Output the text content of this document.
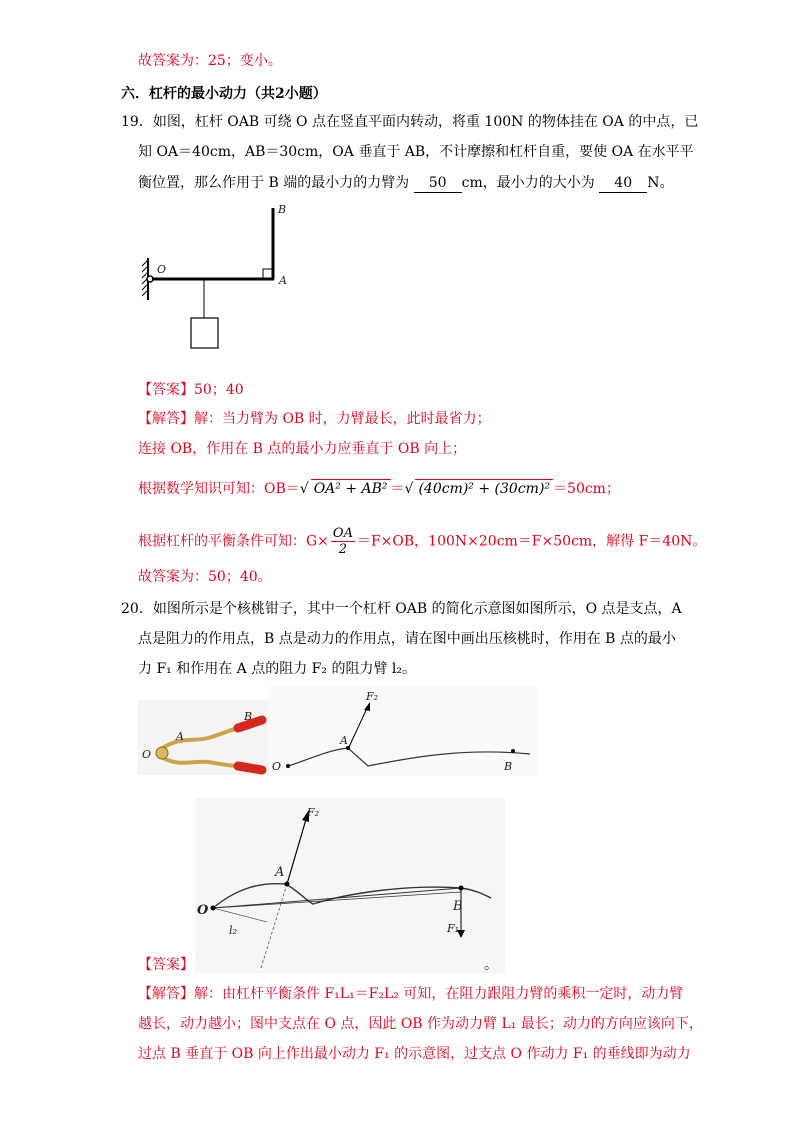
故答案为：25；变小。
六．杠杆的最小动力（共2小题）
19．如图，杠杆 OAB 可绕 O 点在竖直平面内转动，将重 100N 的物体挂在 OA 的中点，已
知 OA＝40cm，AB＝30cm，OA 垂直于 AB，不计摩擦和杠杆自重，要使 OA 在水平平
衡位置，那么作用于 B 端的最小力的力臂为 50 cm，最小力的大小为 40 N。
O
A
B
【答案】50；40
【解答】解：当力臂为 OB 时，力臂最长，此时最省力；
连接 OB，作用在 B 点的最小力应垂直于 OB 向上；
根据数学知识可知：OB＝√ OA² + AB² ＝√ (40cm)² + (30cm)² ＝50cm；
根据杠杆的平衡条件可知：$G\times \frac{OA}{2} =F\times OB$，100N×20cm＝F×50cm，解得 F＝40N。
故答案为：50；40。
20．如图所示是个核桃钳子，其中一个杠杆 OAB 的简化示意图如图所示，O 点是支点，A
点是阻力的作用点，B 点是动力的作用点，请在图中画出压核桃时，作用在 B 点的最小
力 F₁ 和作用在 A 点的阻力 F₂ 的阻力臂 l₂。
O
A
B
F₂
O
A
B
F₂
l₂	F₁
O
A
B
【答案】	。
【解答】解：由杠杆平衡条件 F₁L₁＝F₂L₂ 可知，在阻力跟阻力臂的乘积一定时，动力臂
越长，动力越小；图中支点在 O 点，因此 OB 作为动力臂 L₁ 最长；动力的方向应该向下，
过点 B 垂直于 OB 向上作出最小动力 F₁ 的示意图，过支点 O 作动力 F₁ 的垂线即为动力
